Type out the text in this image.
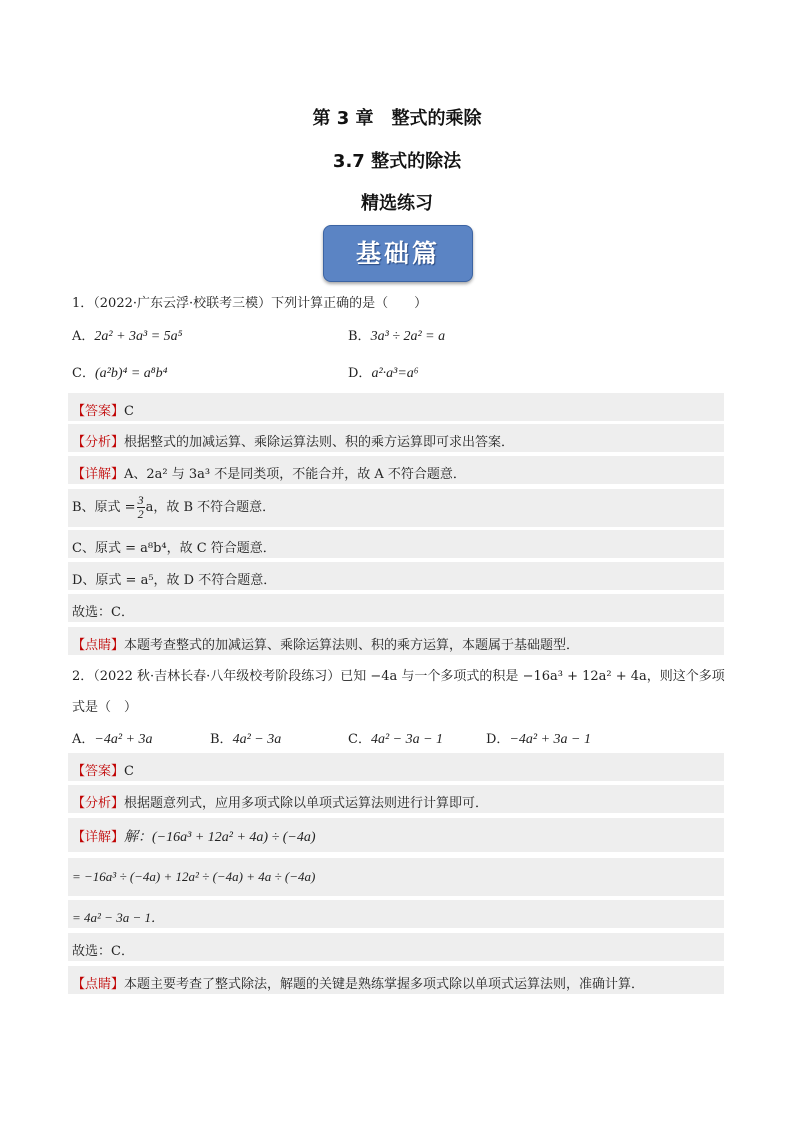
第 3 章　整式的乘除
3.7 整式的除法
精选练习
基础篇
1．（2022·广东云浮·校联考三模）下列计算正确的是（　　）
A．2a² + 3a³ = 5a⁵	B．3a³ ÷ 2a² = a
C．(a²b)⁴ = a⁸b⁴	D．a²·a³=a⁶
【答案】C
【分析】根据整式的加减运算、乘除运算法则、积的乘方运算即可求出答案．
【详解】A、2a² 与 3a³ 不是同类项，不能合并，故 A 不符合题意．
B、原式 = $\frac{3}{2}$ a，故 B 不符合题意．
C、原式 = a⁸b⁴，故 C 符合题意．
D、原式 = a⁵，故 D 不符合题意．
故选：C．
【点睛】本题考查整式的加减运算、乘除运算法则、积的乘方运算，本题属于基础题型．
2．（2022 秋·吉林长春·八年级校考阶段练习）已知 −4a 与一个多项式的积是 −16a³ + 12a² + 4a，则这个多项
式是（　）
A．−4a² + 3a	B．4a² − 3a	C．4a² − 3a − 1	D．−4a² + 3a − 1
【答案】C
【分析】根据题意列式，应用多项式除以单项式运算法则进行计算即可．
【详解】解：(−16a³ + 12a² + 4a) ÷ (−4a)
= −16a³ ÷ (−4a) + 12a² ÷ (−4a) + 4a ÷ (−4a)
= 4a² − 3a − 1．
故选：C．
【点睛】本题主要考查了整式除法，解题的关键是熟练掌握多项式除以单项式运算法则，准确计算．
